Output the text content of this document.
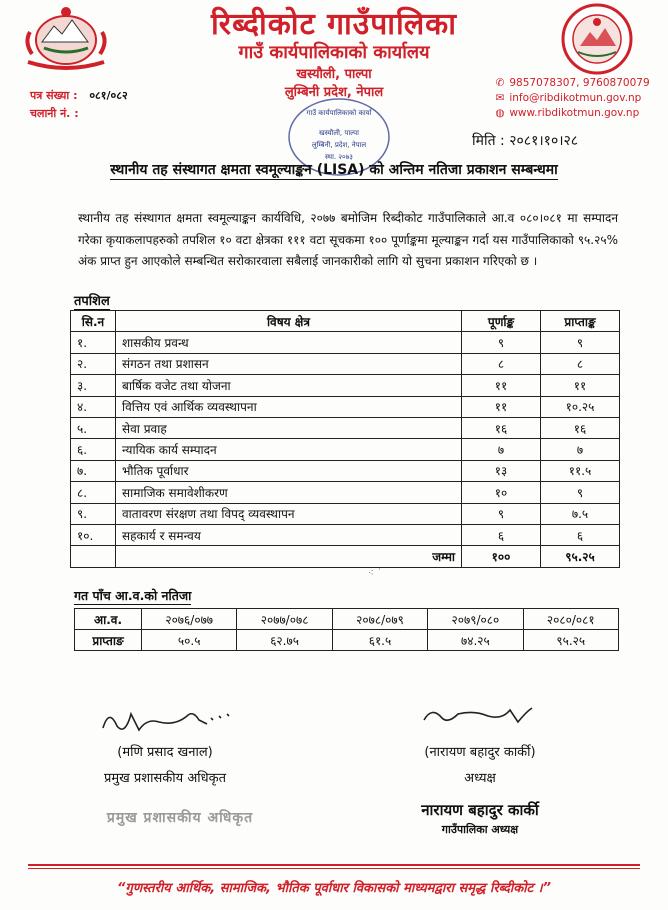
रिब्दीकोट गाउँपालिका
गाउँ कार्यपालिकाको कार्यालय
खस्यौली, पाल्पा
लुम्बिनी प्रदेश, नेपाल
पत्र संख्या : ०८१/०८२
चलानी नं. :
✆ 9857078307, 9760870079
✉ info@ribdikotmun.gov.np
◍ www.ribdikotmun.gov.np
गाउँ कार्यपालिकाको कार्या
खस्यौली, पाल्पा
लुम्बिनी, प्रदेश, नेपाल
स्था. २०७३
मिति : २०८१।१०।२८
स्थानीय तह संस्थागत क्षमता स्वमूल्याङ्कन (LISA) को अन्तिम नतिजा प्रकाशन सम्बन्धमा
स्थानीय तह संस्थागत क्षमता स्वमूल्याङ्कन कार्यविधि, २०७७ बमोजिम रिब्दीकोट गाउँपालिकाले आ.व ०८०।०८१ मा सम्पादन गरेका कृयाकलापहरुको तपशिल १० वटा क्षेत्रका १११ वटा सूचकमा १०० पूर्णाङ्कमा मूल्याङ्कन गर्दा यस गाउँपालिकाको ९५.२५% अंक प्राप्त हुन आएकोले सम्बन्धित सरोकारवाला सबैलाई जानकारीको लागि यो सुचना प्रकाशन गरिएको छ ।
तपशिल
सि.न	विषय क्षेत्र	पूर्णाङ्क	प्राप्ताङ्क
१.	शासकीय प्रवन्ध	९	९
२.	संगठन तथा प्रशासन	८	८
३.	बार्षिक वजेट तथा योजना	११	११
४.	वित्तिय एवं आर्थिक व्यवस्थापना	११	१०.२५
५.	सेवा प्रवाह	१६	१६
६.	न्यायिक कार्य सम्पादन	७	७
७.	भौतिक पूर्वाधार	१३	११.५
८.	सामाजिक समावेशीकरण	१०	९
९.	वातावरण संरक्षण तथा विपद् व्यवस्थापन	९	७.५
१०.	सहकार्य र समन्वय	६	६
	जम्मा	१००	९५.२५
⁖ ˙
गत पाँच आ.व.को नतिजा
आ.व.	२०७६/०७७	२०७७/०७८	२०७८/०७९	२०७९/०८०	२०८०/०८१
प्राप्ताङ	५०.५	६२.७५	६१.५	७४.२५	९५.२५
(मणि प्रसाद खनाल)
प्रमुख प्रशासकीय अधिकृत
प्रमुख प्रशासकीय अधिकृत
(नारायण बहादुर कार्की)
अध्यक्ष
नारायण बहादुर कार्की
गाउँपालिका अध्यक्ष
“गुणस्तरीय आर्थिक, सामाजिक, भौतिक पूर्वाधार विकासको माध्यमद्वारा समृद्ध रिब्दीकोट ।”
